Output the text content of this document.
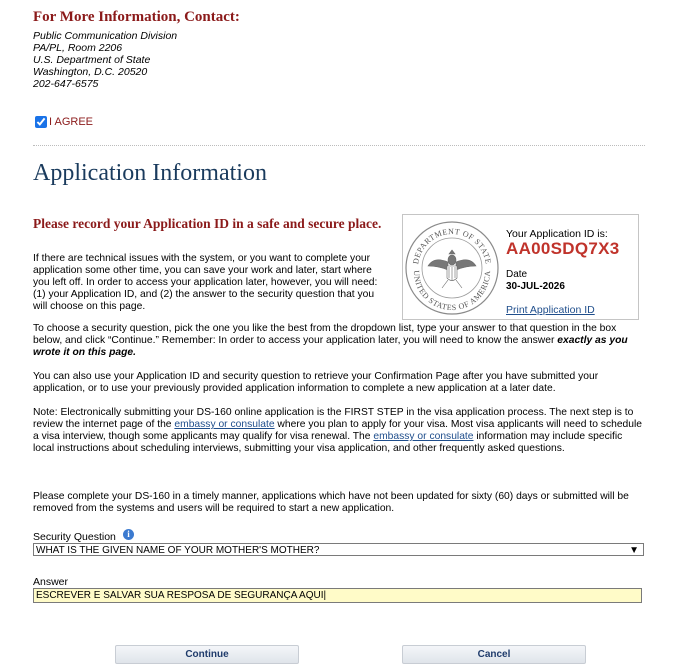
For More Information, Contact:
Public Communication Division
PA/PL, Room 2206
U.S. Department of State
Washington, D.C. 20520
202-647-6575
I AGREE
Application Information
Please record your Application ID in a safe and secure place.
If there are technical issues with the system, or you want to complete your application some other time, you can save your work and later, start where you left off. In order to access your application later, however, you will need: (1) your Application ID, and (2) the answer to the security question that you will choose on this page.
DEPARTMENT OF STATE
UNITED STATES OF AMERICA
Your Application ID is:
AA00SDQ7X3
Date
30-JUL-2026
Print Application ID
To choose a security question, pick the one you like the best from the dropdown list, type your answer to that question in the box below, and click “Continue.” Remember: In order to access your application later, you will need to know the answer exactly as you wrote it on this page.
You can also use your Application ID and security question to retrieve your Confirmation Page after you have submitted your application, or to use your previously provided application information to complete a new application at a later date.
Note: Electronically submitting your DS-160 online application is the FIRST STEP in the visa application process. The next step is to review the internet page of the embassy or consulate where you plan to apply for your visa. Most visa applicants will need to schedule a visa interview, though some applicants may qualify for visa renewal. The embassy or consulate information may include specific local instructions about scheduling interviews, submitting your visa application, and other frequently asked questions.
Please complete your DS-160 in a timely manner, applications which have not been updated for sixty (60) days or submitted will be removed from the systems and users will be required to start a new application.
Security Question	i
WHAT IS THE GIVEN NAME OF YOUR MOTHER'S MOTHER?	▼
Answer
ESCREVER E SALVAR SUA RESPOSA DE SEGURANÇA AQUI|
Continue	Cancel
